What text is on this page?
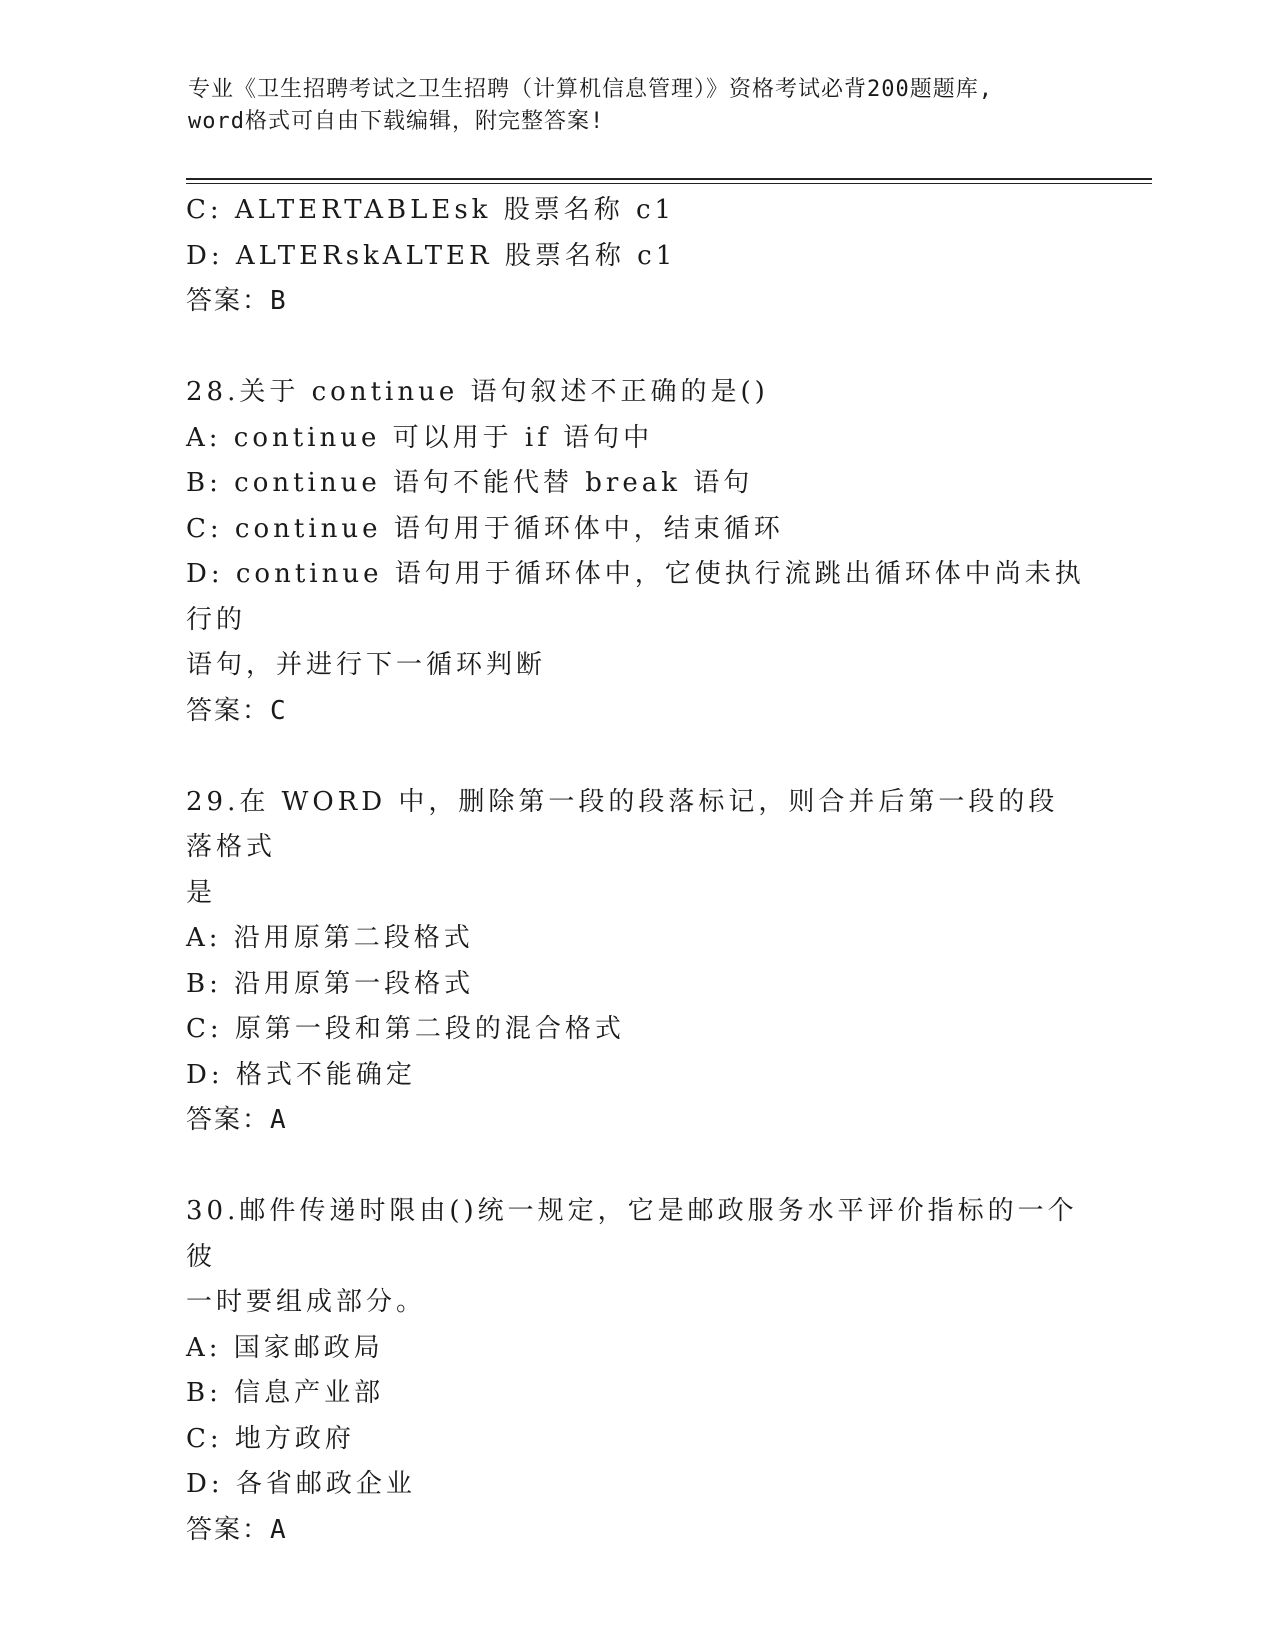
专业《卫生招聘考试之卫生招聘（计算机信息管理）》资格考试必背200题题库,
word格式可自由下载编辑，附完整答案!
C: ALTERTABLEsk 股票名称 c1
D: ALTERskALTER 股票名称 c1
答案：B
28.关于 continue 语句叙述不正确的是()
A: continue 可以用于 if 语句中
B: continue 语句不能代替 break 语句
C: continue 语句用于循环体中，结束循环
D: continue 语句用于循环体中，它使执行流跳出循环体中尚未执行的
语句，并进行下一循环判断
答案：C
29.在 WORD 中，删除第一段的段落标记，则合并后第一段的段落格式
是
A: 沿用原第二段格式
B: 沿用原第一段格式
C: 原第一段和第二段的混合格式
D: 格式不能确定
答案：A
30.邮件传递时限由()统一规定，它是邮政服务水平评价指标的一个彼
一时要组成部分。
A: 国家邮政局
B: 信息产业部
C: 地方政府
D: 各省邮政企业
答案：A
